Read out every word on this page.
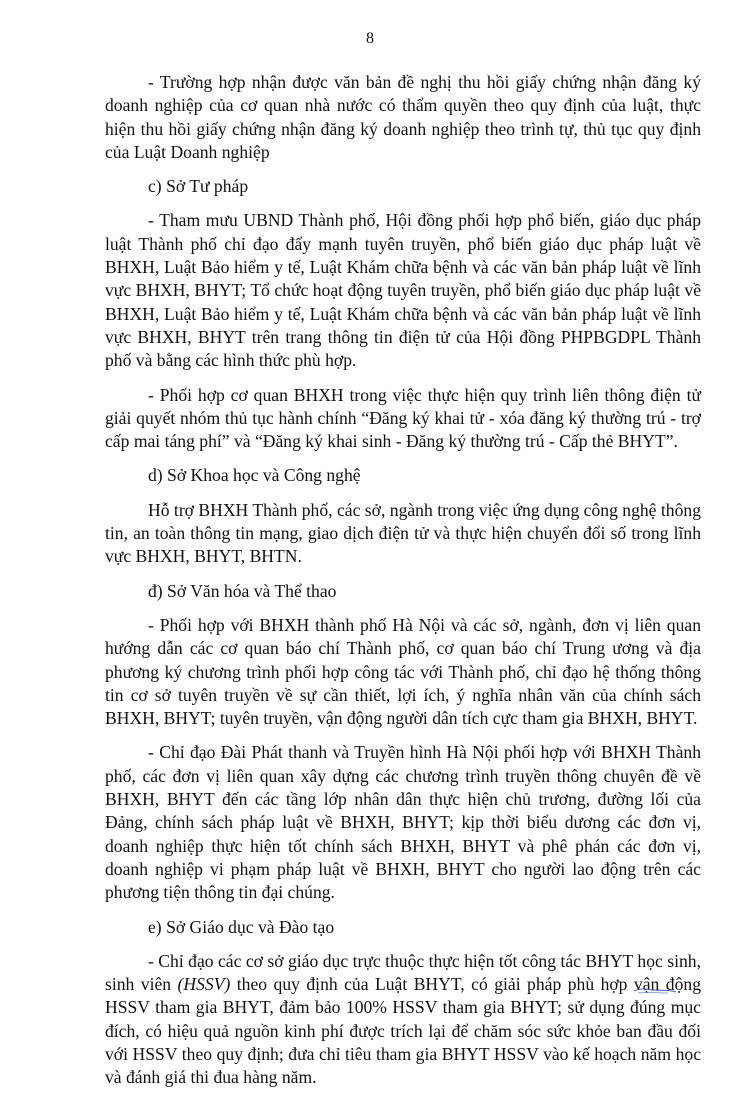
8

- Trường hợp nhận được văn bản đề nghị thu hồi giấy chứng nhận đăng ký doanh nghiệp của cơ quan nhà nước có thẩm quyền theo quy định của luật, thực hiện thu hồi giấy chứng nhận đăng ký doanh nghiệp theo trình tự, thủ tục quy định của Luật Doanh nghiệp

c) Sở Tư pháp

- Tham mưu UBND Thành phố, Hội đồng phối hợp phổ biến, giáo dục pháp luật Thành phố chỉ đạo đẩy mạnh tuyên truyền, phổ biến giáo dục pháp luật về BHXH, Luật Bảo hiểm y tế, Luật Khám chữa bệnh và các văn bản pháp luật về lĩnh vực BHXH, BHYT; Tổ chức hoạt động tuyên truyền, phổ biến giáo dục pháp luật về BHXH, Luật Bảo hiểm y tế, Luật Khám chữa bệnh và các văn bản pháp luật về lĩnh vực BHXH, BHYT trên trang thông tin điện tử của Hội đồng PHPBGDPL Thành phố và bằng các hình thức phù hợp.

- Phối hợp cơ quan BHXH trong việc thực hiện quy trình liên thông điện tử giải quyết nhóm thủ tục hành chính “Đăng ký khai tử - xóa đăng ký thường trú - trợ cấp mai táng phí” và “Đăng ký khai sinh - Đăng ký thường trú - Cấp thẻ BHYT”.

d) Sở Khoa học và Công nghệ

Hỗ trợ BHXH Thành phố, các sở, ngành trong việc ứng dụng công nghệ thông tin, an toàn thông tin mạng, giao dịch điện tử và thực hiện chuyển đổi số trong lĩnh vực BHXH, BHYT, BHTN.

đ) Sở Văn hóa và Thể thao

- Phối hợp với BHXH thành phố Hà Nội và các sở, ngành, đơn vị liên quan hướng dẫn các cơ quan báo chí Thành phố, cơ quan báo chí Trung ương và địa phương ký chương trình phối hợp công tác với Thành phố, chỉ đạo hệ thống thông tin cơ sở tuyên truyền về sự cần thiết, lợi ích, ý nghĩa nhân văn của chính sách BHXH, BHYT; tuyên truyền, vận động người dân tích cực tham gia BHXH, BHYT.

- Chỉ đạo Đài Phát thanh và Truyền hình Hà Nội phối hợp với BHXH Thành phố, các đơn vị liên quan xây dựng các chương trình truyền thông chuyên đề về BHXH, BHYT đến các tầng lớp nhân dân thực hiện chủ trương, đường lối của Đảng, chính sách pháp luật về BHXH, BHYT; kịp thời biểu dương các đơn vị, doanh nghiệp thực hiện tốt chính sách BHXH, BHYT và phê phán các đơn vị, doanh nghiệp vi phạm pháp luật về BHXH, BHYT cho người lao động trên các phương tiện thông tin đại chúng.

e) Sở Giáo dục và Đào tạo

- Chỉ đạo các cơ sở giáo dục trực thuộc thực hiện tốt công tác BHYT học sinh, sinh viên (HSSV) theo quy định của Luật BHYT, có giải pháp phù hợp vận động HSSV tham gia BHYT, đảm bảo 100% HSSV tham gia BHYT; sử dụng đúng mục đích, có hiệu quả nguồn kinh phí được trích lại để chăm sóc sức khỏe ban đầu đối với HSSV theo quy định; đưa chỉ tiêu tham gia BHYT HSSV vào kế hoạch năm học và đánh giá thi đua hàng năm.
